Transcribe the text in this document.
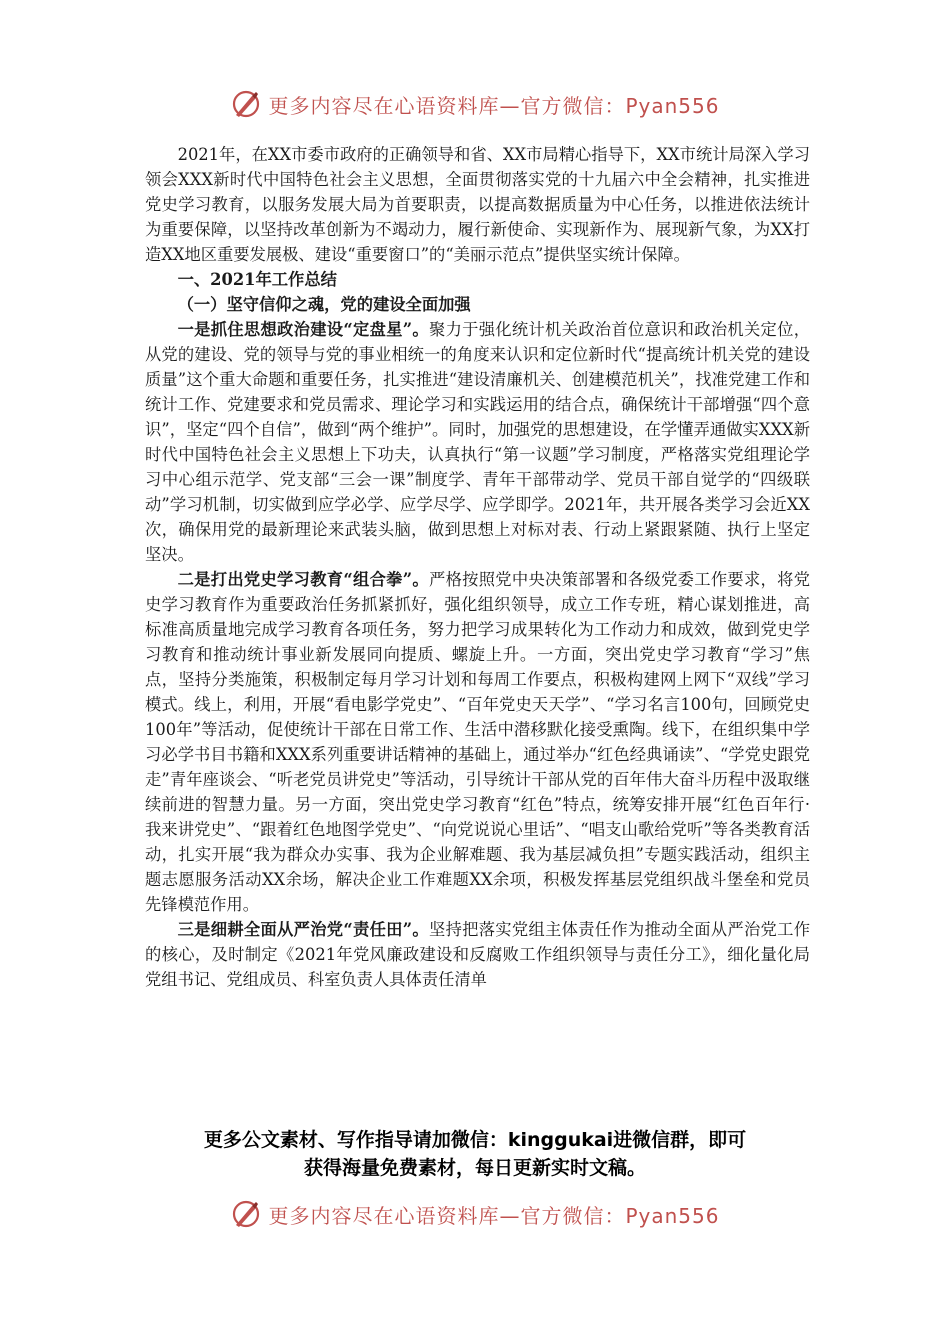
更多内容尽在心语资料库—官方微信：Pyan556

2021年，在XX市委市政府的正确领导和省、XX市局精心指导下，XX市统计局深入学习领会XXX新时代中国特色社会主义思想，全面贯彻落实党的十九届六中全会精神，扎实推进党史学习教育，以服务发展大局为首要职责，以提高数据质量为中心任务，以推进依法统计为重要保障，以坚持改革创新为不竭动力，履行新使命、实现新作为、展现新气象，为XX打造XX地区重要发展极、建设“重要窗口”的“美丽示范点”提供坚实统计保障。

一、2021年工作总结

（一）坚守信仰之魂，党的建设全面加强

一是抓住思想政治建设“定盘星”。聚力于强化统计机关政治首位意识和政治机关定位，从党的建设、党的领导与党的事业相统一的角度来认识和定位新时代“提高统计机关党的建设质量”这个重大命题和重要任务，扎实推进“建设清廉机关、创建模范机关”，找准党建工作和统计工作、党建要求和党员需求、理论学习和实践运用的结合点，确保统计干部增强“四个意识”，坚定“四个自信”，做到“两个维护”。同时，加强党的思想建设，在学懂弄通做实XXX新时代中国特色社会主义思想上下功夫，认真执行“第一议题”学习制度，严格落实党组理论学习中心组示范学、党支部“三会一课”制度学、青年干部带动学、党员干部自觉学的“四级联动”学习机制，切实做到应学必学、应学尽学、应学即学。2021年，共开展各类学习会近XX次，确保用党的最新理论来武装头脑，做到思想上对标对表、行动上紧跟紧随、执行上坚定坚决。

二是打出党史学习教育“组合拳”。严格按照党中央决策部署和各级党委工作要求，将党史学习教育作为重要政治任务抓紧抓好，强化组织领导，成立工作专班，精心谋划推进，高标准高质量地完成学习教育各项任务，努力把学习成果转化为工作动力和成效，做到党史学习教育和推动统计事业新发展同向提质、螺旋上升。一方面，突出党史学习教育“学习”焦点，坚持分类施策，积极制定每月学习计划和每周工作要点，积极构建网上网下“双线”学习模式。线上，利用，开展“看电影学党史”、“百年党史天天学”、“学习名言100句，回顾党史100年”等活动，促使统计干部在日常工作、生活中潜移默化接受熏陶。线下，在组织集中学习必学书目书籍和XXX系列重要讲话精神的基础上，通过举办“红色经典诵读”、“学党史跟党走”青年座谈会、“听老党员讲党史”等活动，引导统计干部从党的百年伟大奋斗历程中汲取继续前进的智慧力量。另一方面，突出党史学习教育“红色”特点，统筹安排开展“红色百年行·我来讲党史”、“跟着红色地图学党史”、“向党说说心里话”、“唱支山歌给党听”等各类教育活动，扎实开展“我为群众办实事、我为企业解难题、我为基层减负担”专题实践活动，组织主题志愿服务活动XX余场，解决企业工作难题XX余项，积极发挥基层党组织战斗堡垒和党员先锋模范作用。

三是细耕全面从严治党“责任田”。坚持把落实党组主体责任作为推动全面从严治党工作的核心，及时制定《2021年党风廉政建设和反腐败工作组织领导与责任分工》，细化量化局党组书记、党组成员、科室负责人具体责任清单

更多公文素材、写作指导请加微信：kinggukai进微信群，即可
获得海量免费素材，每日更新实时文稿。
更多内容尽在心语资料库—官方微信：Pyan556
